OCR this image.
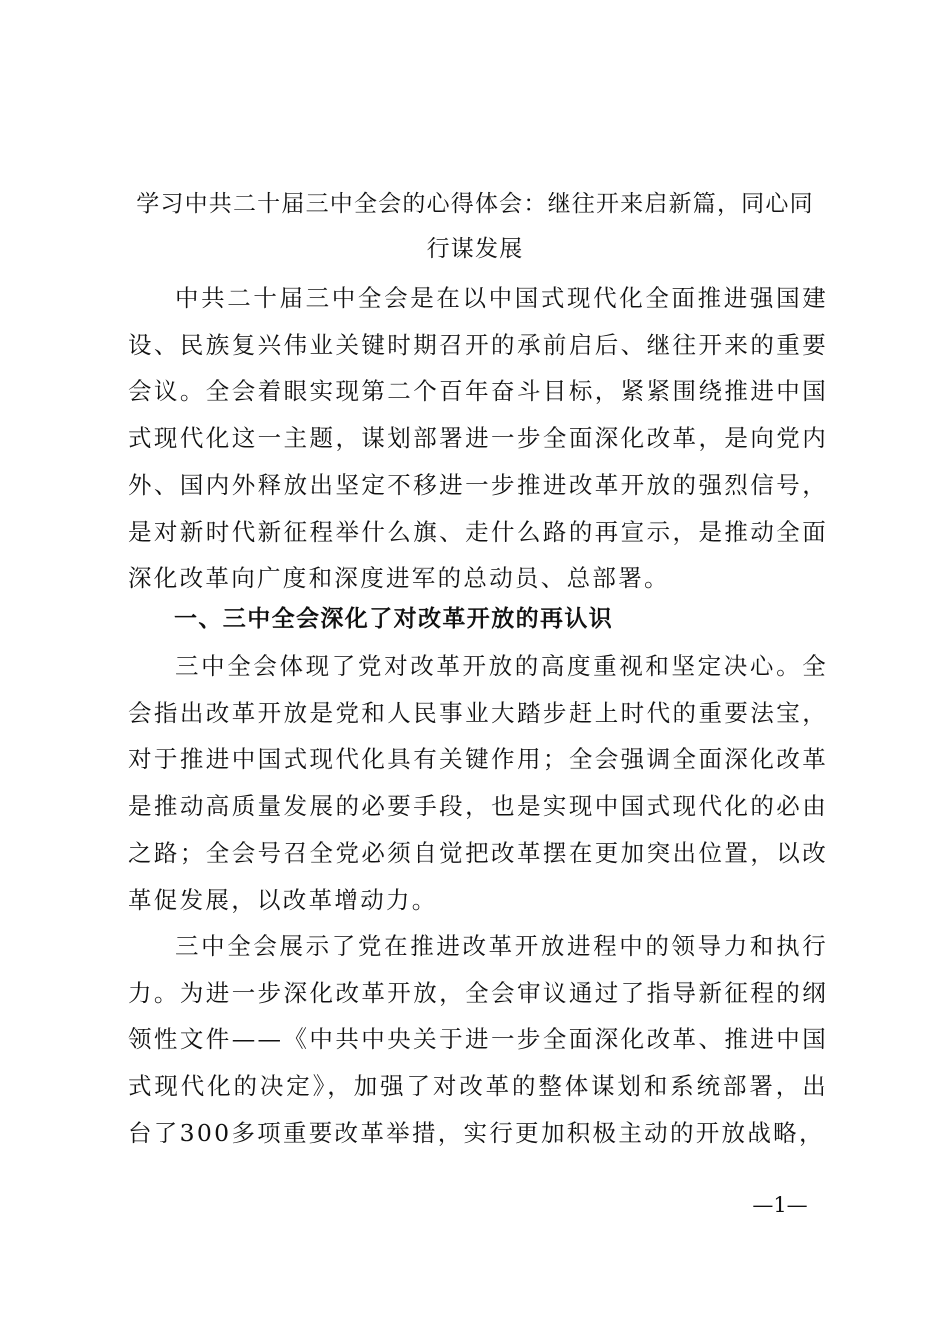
学习中共二十届三中全会的心得体会：继往开来启新篇，同心同行谋发展

中共二十届三中全会是在以中国式现代化全面推进强国建设、民族复兴伟业关键时期召开的承前启后、继往开来的重要会议。全会着眼实现第二个百年奋斗目标，紧紧围绕推进中国式现代化这一主题，谋划部署进一步全面深化改革，是向党内外、国内外释放出坚定不移进一步推进改革开放的强烈信号，是对新时代新征程举什么旗、走什么路的再宣示，是推动全面深化改革向广度和深度进军的总动员、总部署。

一、三中全会深化了对改革开放的再认识

三中全会体现了党对改革开放的高度重视和坚定决心。全会指出改革开放是党和人民事业大踏步赶上时代的重要法宝，对于推进中国式现代化具有关键作用；全会强调全面深化改革是推动高质量发展的必要手段，也是实现中国式现代化的必由之路；全会号召全党必须自觉把改革摆在更加突出位置，以改革促发展，以改革增动力。

三中全会展示了党在推进改革开放进程中的领导力和执行力。为进一步深化改革开放，全会审议通过了指导新征程的纲领性文件——《中共中央关于进一步全面深化改革、推进中国式现代化的决定》，加强了对改革的整体谋划和系统部署，出台了300多项重要改革举措，实行更加积极主动的开放战略，

—1—
